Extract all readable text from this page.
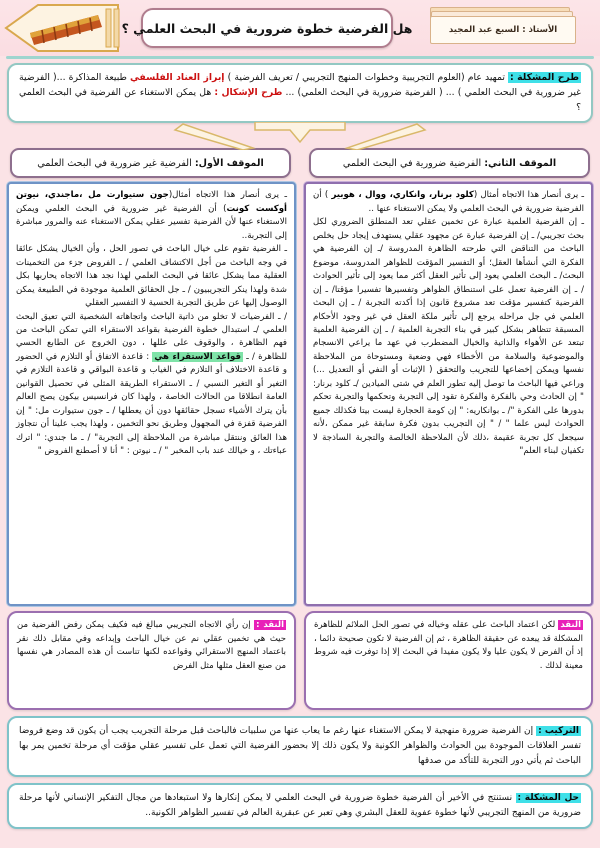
الأستاذ : السبع عبد المجيد
هل الفرضية خطوة ضرورية في البحث العلمي ؟

طرح المشكلة : تمهيد عام (العلوم التجريبية وخطوات المنهج التجريبي / تعريف الفرضية ) إبراز العناد الفلسفي طبيعة المذاكرة ...( الفرضية غير ضرورية في البحث العلمي ) ... ( الفرضية ضرورية في البحث العلمي) ... طرح الإشكال : هل يمكن الاستغناء عن الفرضية في البحث العلمي ؟

الموقف الثاني: الفرضية ضرورية في البحث العلمي
الموقف الأول: الفرضية غير ضرورية في البحث العلمي

ـ يرى أنصار هذا الاتجاه أمثال (كلود برنار، وانكاري، ووال ، هوبير ) أن الفرضية ضرورية في البحث العلمي ولا يمكن الاستغناء عنها ..

ـ إن الفرضية العلمية عبارة عن تخمين عقلي تعد المنطلق الضروري لكل بحث تجريبي/ ـ إن الفرضية عبارة عن مجهود عقلي يستهدف إيجاد حل يخلص الباحث من التناقض التي طرحته الظاهرة المدروسة /ـ إن الفرضية هي الفكرة التي أنشأها العقل؛ أو التفسير المؤقت للظواهر المدروسة، موضوع البحث/ ـ البحث العلمي يعود إلى تأثير العقل أكثر مما يعود إلى تأثير الحوادث / ـ إن الفرضية تعمل على استنطاق الظواهر وتفسيرها تفسيرا مؤقتا/ ـ إن الفرضية كتفسير مؤقت تعد مشروع قانون إذا أكدته التجربة / ـ إن البحث العلمي في جل مراحله يرجع إلى تأثير ملكة العقل في غير وجود الأحكام المسبقة تتظاهر بشكل كبير في بناء التجربة العلمية / ـ إن الفرضية العلمية تبتعد عن الأهواء والذاتية والخيال المضطرب في عهد ما يراعي الانسجام والموضوعية والسلامة من الأخطاء فهي وضعية ومستوحاة من الملاحظة نفسها ويمكن إخضاعها للتجريب والتحقق ( الإثبات أو النفي أو التعديل ...) وراعي فيها الباحث ما توصل إليه تطور العلم في شتى الميادين /ـ كلود برنار: " إن الحادث وحي بالفكرة والفكرة تقود إلى التجربة وتحكمها والتجربة تحكم بدورها على الفكرة "/ ـ بوانكاريه: " إن كومة الحجارة ليست بيتا فكذلك جميع الحوادث ليس علما " / " إن التجريب بدون فكرة سابقة غير ممكن ،لأنه سيجعل كل تجربة عقيمة ،ذلك لأن الملاحظة الخالصة والتجربة الساذجة لا تكفيان لبناء العلم"

ـ يرى أنصار هذا الاتجاه أمثال(جون ستيوارت مل ،ماجندي، نيوتن أوكست كونت) أن الفرضية غير ضرورية في البحث العلمي ويمكن الاستغناء عنها لأن الفرضية تفسير عقلي يمكن الاستغناء عنه والمرور مباشرة إلى التجربة..

ـ الفرضية تقوم على خيال الباحث في تصور الحل ، وأن الخيال يشكل عائقا في وجه الباحث من أجل الاكتشاف العلمي / ـ الفروض جزء من التخمينات العقلية مما يشكل عائقا في البحث العلمي لهذا نجد هذا الاتجاه يحاربها بكل شدة ولهذا ينكر التجريبيون / ـ جل الحقائق العلمية موجودة في الطبيعة يمكن الوصول إليها عن طريق التجربة الحسية لا التفسير العقلي

/ ـ الفرضيات لا تخلو من ذاتية الباحث واتجاهاته الشخصية التي تعيق البحث العلمي /ـ استبدال خطوة الفرضية بقواعد الاستقراء التي تمكن الباحث من فهم الظاهرة ، والوقوف على عللها ، دون الخروج عن الطابع الحسي للظاهرة / ـ قواعد الاستقراء هي : قاعدة الاتفاق أو التلازم في الحضور و قاعدة الاختلاف أو التلازم في الغياب و قاعدة البواقي و قاعدة التلازم في التغير أو التغير النسبي / ـ الاستقراء الطريقة المثلى في تحصيل القوانين العامة انطلاقا من الحالات الخاصة ، ولهذا كان فرانسيس بيكون يصح العالم بأن يترك الأشياء تسجل حقائقها دون أن يعطلها / ـ جون ستيوارت مل: " إن الفرضية قفزة في المجهول وطريق نحو التخمين ، ولهذا يجب علينا أن نتجاوز هذا العائق وننتقل مباشرة من الملاحظة إلى التجربة" / ـ ما جندي: " اترك عباءتك ، و خيالك عند باب المخبر " / ـ نيوتن : " أنا لا أصطنع الفروض "

النقد لكن اعتماد الباحث على عقله وخياله في تصور الحل الملائم للظاهرة المشكلة قد يبعده عن حقيقة الظاهرة ، ثم إن الفرضية لا تكون صحيحة دائما ، إذ أن الفرض لا يكون عليا ولا يكون مفيدا في البحث إلا إذا توفرت فيه شروط معينة لذلك .

النقد : إن رأي الاتجاه التجريبي مبالغ فيه فكيف يمكن رفض الفرضية من حيث هي تخمين عقلي نم عن خيال الباحث وإبداعه وفي مقابل ذلك نقر باعتماد المنهج الاستقرائي وقواعده لكنها تناست أن هذه المصادر هي نفسها من صنع العقل مثلها مثل الفرض

التركيب : إن الفرضية ضرورة منهجية لا يمكن الاستغناء عنها رغم ما يعاب عنها من سلبيات فالباحث قبل مرحلة التجريب يجب أن يكون قد وضع فروضا تفسر العلاقات الموجودة بين الحوادث والظواهر الكونية ولا يكون ذلك إلا بحضور الفرضية التي تعمل على تفسير عقلي مؤقت أي مرحلة تخمين يمر بها الباحث ثم يأتي دور التجربة للتأكد من صدقها

حل المشكلة : نستنتج في الأخير أن الفرضية خطوة ضرورية في البحث العلمي لا يمكن إنكارها ولا استبعادها من مجال التفكير الإنساني لأنها مرحلة ضرورية من المنهج التجريبي لأنها خطوة عفوية للعقل البشري وهي تعبر عن عبقرية العالم في تفسير الظواهر الكونية..
